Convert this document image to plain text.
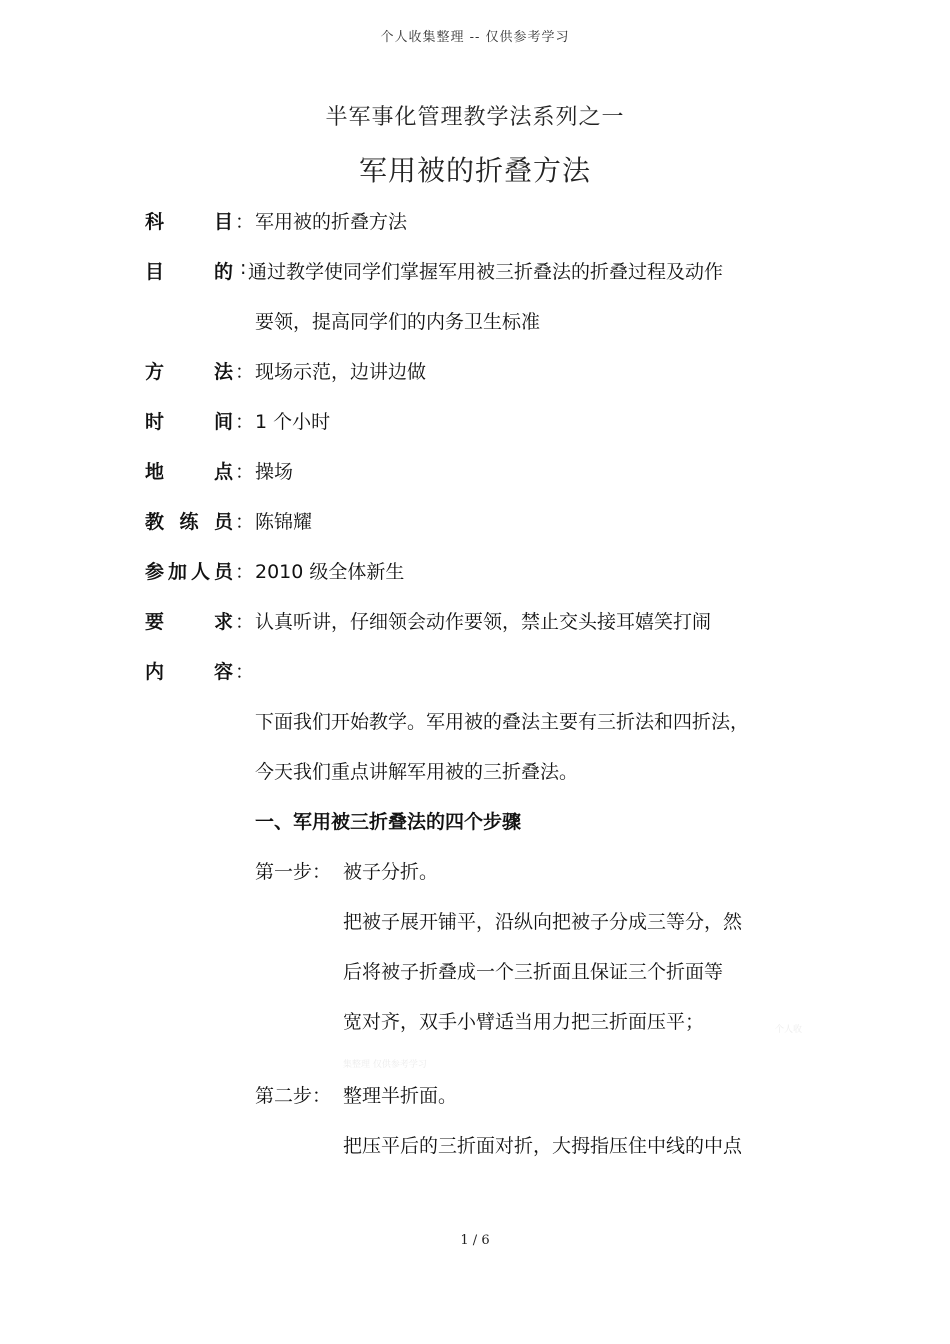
个人收集整理 -- 仅供参考学习
半军事化管理教学法系列之一
军用被的折叠方法
科目 ： 军用被的折叠方法
目的 : 通过教学使同学们掌握军用被三折叠法的折叠过程及动作
要领，提高同学们的内务卫生标准
方法 ： 现场示范，边讲边做
时间 ： 1 个小时
地点 ： 操场
教练员 ： 陈锦耀
参加人员 ： 2010 级全体新生
要求 ： 认真听讲，仔细领会动作要领，禁止交头接耳嬉笑打闹
内容 ：
下面我们开始教学。军用被的叠法主要有三折法和四折法，
今天我们重点讲解军用被的三折叠法。
一、军用被三折叠法的四个步骤
第一步： 被子分折。
把被子展开铺平，沿纵向把被子分成三等分，然
后将被子折叠成一个三折面且保证三个折面等
宽对齐，双手小臂适当用力把三折面压平；	个人收
集整理 仅供参考学习
第二步： 整理半折面。
把压平后的三折面对折，大拇指压住中线的中点
1 / 6
